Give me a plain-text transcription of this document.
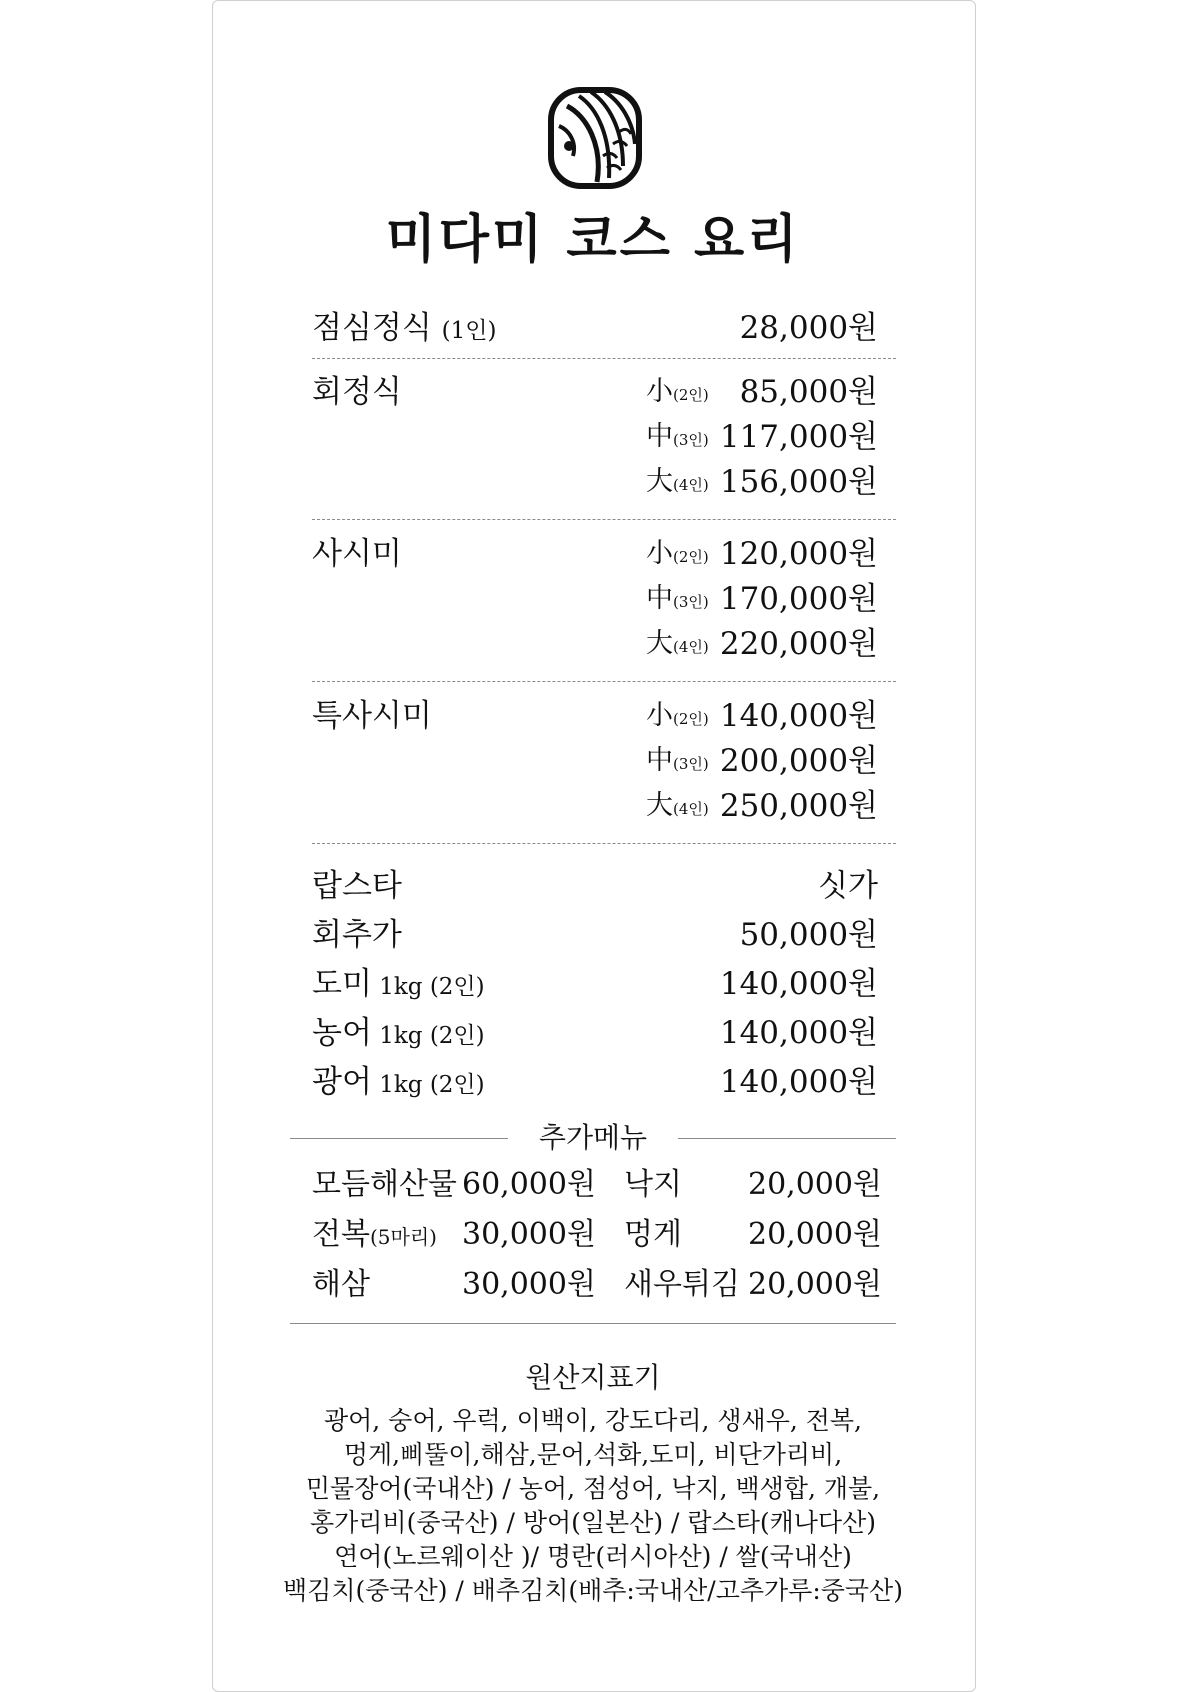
미다미 코스 요리
점심정식 (1인)	28,000원
회정식	小(2인) 85,000원
中(3인) 117,000원
大(4인) 156,000원
사시미	小(2인) 120,000원
中(3인) 170,000원
大(4인) 220,000원
특사시미	小(2인) 140,000원
中(3인) 200,000원
大(4인) 250,000원
랍스타	싯가
회추가	50,000원
도미 1kg (2인)	140,000원
농어 1kg (2인)	140,000원
광어 1kg (2인)	140,000원
추가메뉴
모듬해산물 60,000원 낙지 20,000원
전복(5마리) 30,000원 멍게 20,000원
해삼	30,000원 새우튀김 20,000원
원산지표기
광어, 숭어, 우럭, 이백이, 강도다리, 생새우, 전복,
멍게,삐뚤이,해삼,문어,석화,도미, 비단가리비,
민물장어(국내산) / 농어, 점성어, 낙지, 백생합, 개불,
홍가리비(중국산) / 방어(일본산) / 랍스타(캐나다산)
연어(노르웨이산 )/ 명란(러시아산) / 쌀(국내산)
백김치(중국산) / 배추김치(배추:국내산/고추가루:중국산)
